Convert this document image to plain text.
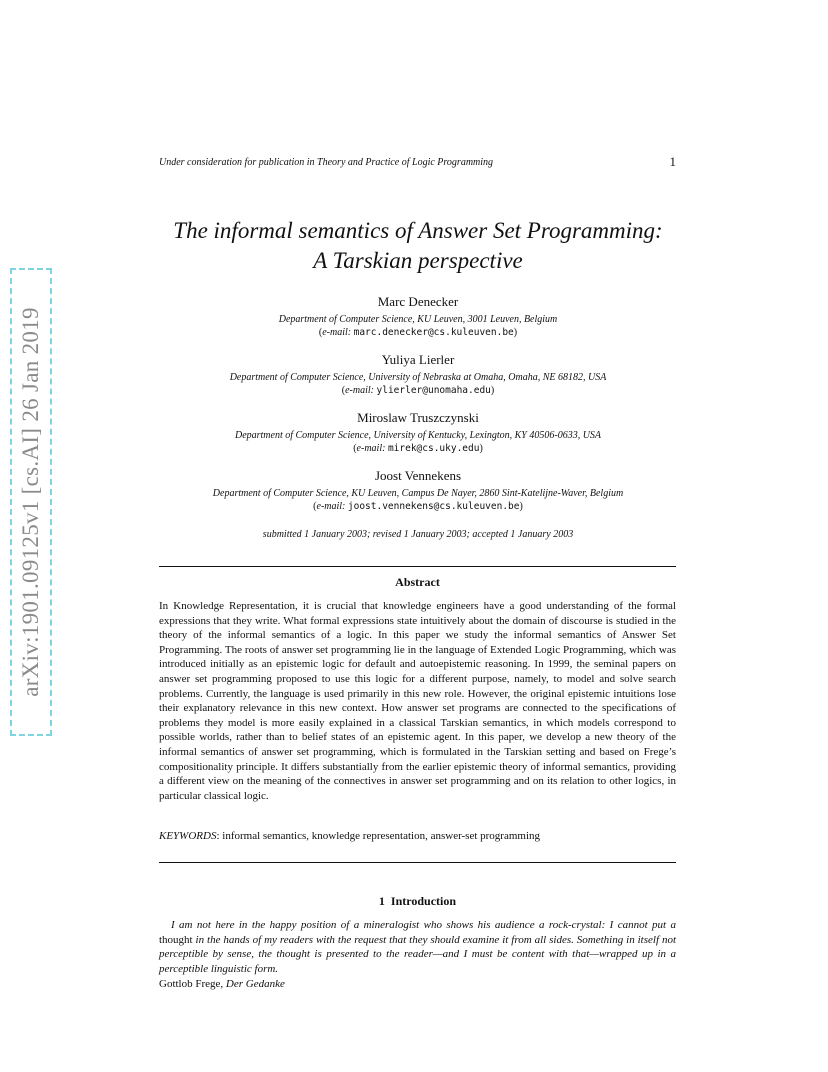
Under consideration for publication in Theory and Practice of Logic Programming	1
The informal semantics of Answer Set Programming:
A Tarskian perspective
Marc Denecker
Department of Computer Science, KU Leuven, 3001 Leuven, Belgium
(e-mail: marc.denecker@cs.kuleuven.be)
Yuliya Lierler
Department of Computer Science, University of Nebraska at Omaha, Omaha, NE 68182, USA
(e-mail: ylierler@unomaha.edu)
Miroslaw Truszczynski
Department of Computer Science, University of Kentucky, Lexington, KY 40506-0633, USA
(e-mail: mirek@cs.uky.edu)
Joost Vennekens
Department of Computer Science, KU Leuven, Campus De Nayer, 2860 Sint-Katelijne-Waver, Belgium
(e-mail: joost.vennekens@cs.kuleuven.be)
submitted 1 January 2003; revised 1 January 2003; accepted 1 January 2003
Abstract
In Knowledge Representation, it is crucial that knowledge engineers have a good understanding of the formal expressions that they write. What formal expressions state intuitively about the domain of discourse is studied in the theory of the informal semantics of a logic. In this paper we study the informal semantics of Answer Set Programming. The roots of answer set programming lie in the language of Extended Logic Programming, which was introduced initially as an epistemic logic for default and autoepistemic reasoning. In 1999, the seminal papers on answer set programming proposed to use this logic for a different purpose, namely, to model and solve search problems. Currently, the language is used primarily in this new role. However, the original epistemic intuitions lose their explanatory relevance in this new context. How answer set programs are connected to the specifications of problems they model is more easily explained in a classical Tarskian semantics, in which models correspond to possible worlds, rather than to belief states of an epistemic agent. In this paper, we develop a new theory of the informal semantics of answer set programming, which is formulated in the Tarskian setting and based on Frege’s compositionality principle. It differs substantially from the earlier epistemic theory of informal semantics, providing a different view on the meaning of the connectives in answer set programming and on its relation to other logics, in particular classical logic.
KEYWORDS: informal semantics, knowledge representation, answer-set programming
1 Introduction
I am not here in the happy position of a mineralogist who shows his audience a rock-crystal: I cannot put a thought in the hands of my readers with the request that they should examine it from all sides. Something in itself not perceptible by sense, the thought is presented to the reader—and I must be content with that—wrapped up in a perceptible linguistic form.
Gottlob Frege, Der Gedanke
arXiv:1901.09125v1 [cs.AI] 26 Jan 2019
